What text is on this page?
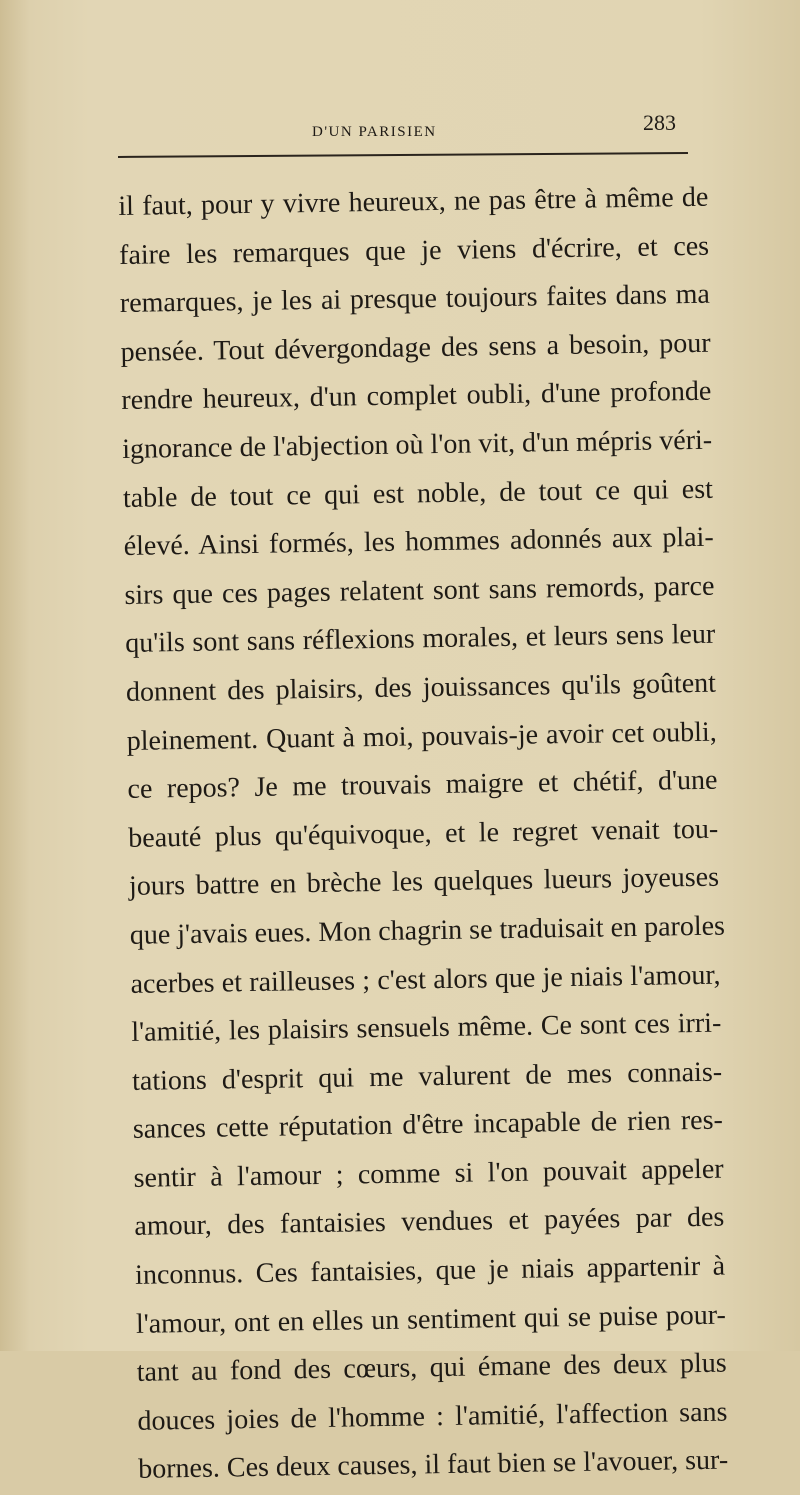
D'UN PARISIEN	283
il faut, pour y vivre heureux, ne pas être à même de
faire les remarques que je viens d'écrire, et ces
remarques, je les ai presque toujours faites dans ma
pensée. Tout dévergondage des sens a besoin, pour
rendre heureux, d'un complet oubli, d'une profonde
ignorance de l'abjection où l'on vit, d'un mépris véri-
table de tout ce qui est noble, de tout ce qui est
élevé. Ainsi formés, les hommes adonnés aux plai-
sirs que ces pages relatent sont sans remords, parce
qu'ils sont sans réflexions morales, et leurs sens leur
donnent des plaisirs, des jouissances qu'ils goûtent
pleinement. Quant à moi, pouvais-je avoir cet oubli,
ce repos? Je me trouvais maigre et chétif, d'une
beauté plus qu'équivoque, et le regret venait tou-
jours battre en brèche les quelques lueurs joyeuses
que j'avais eues. Mon chagrin se traduisait en paroles
acerbes et railleuses ; c'est alors que je niais l'amour,
l'amitié, les plaisirs sensuels même. Ce sont ces irri-
tations d'esprit qui me valurent de mes connais-
sances cette réputation d'être incapable de rien res-
sentir à l'amour ; comme si l'on pouvait appeler
amour, des fantaisies vendues et payées par des
inconnus. Ces fantaisies, que je niais appartenir à
l'amour, ont en elles un sentiment qui se puise pour-
tant au fond des cœurs, qui émane des deux plus
douces joies de l'homme : l'amitié, l'affection sans
bornes. Ces deux causes, il faut bien se l'avouer, sur-
